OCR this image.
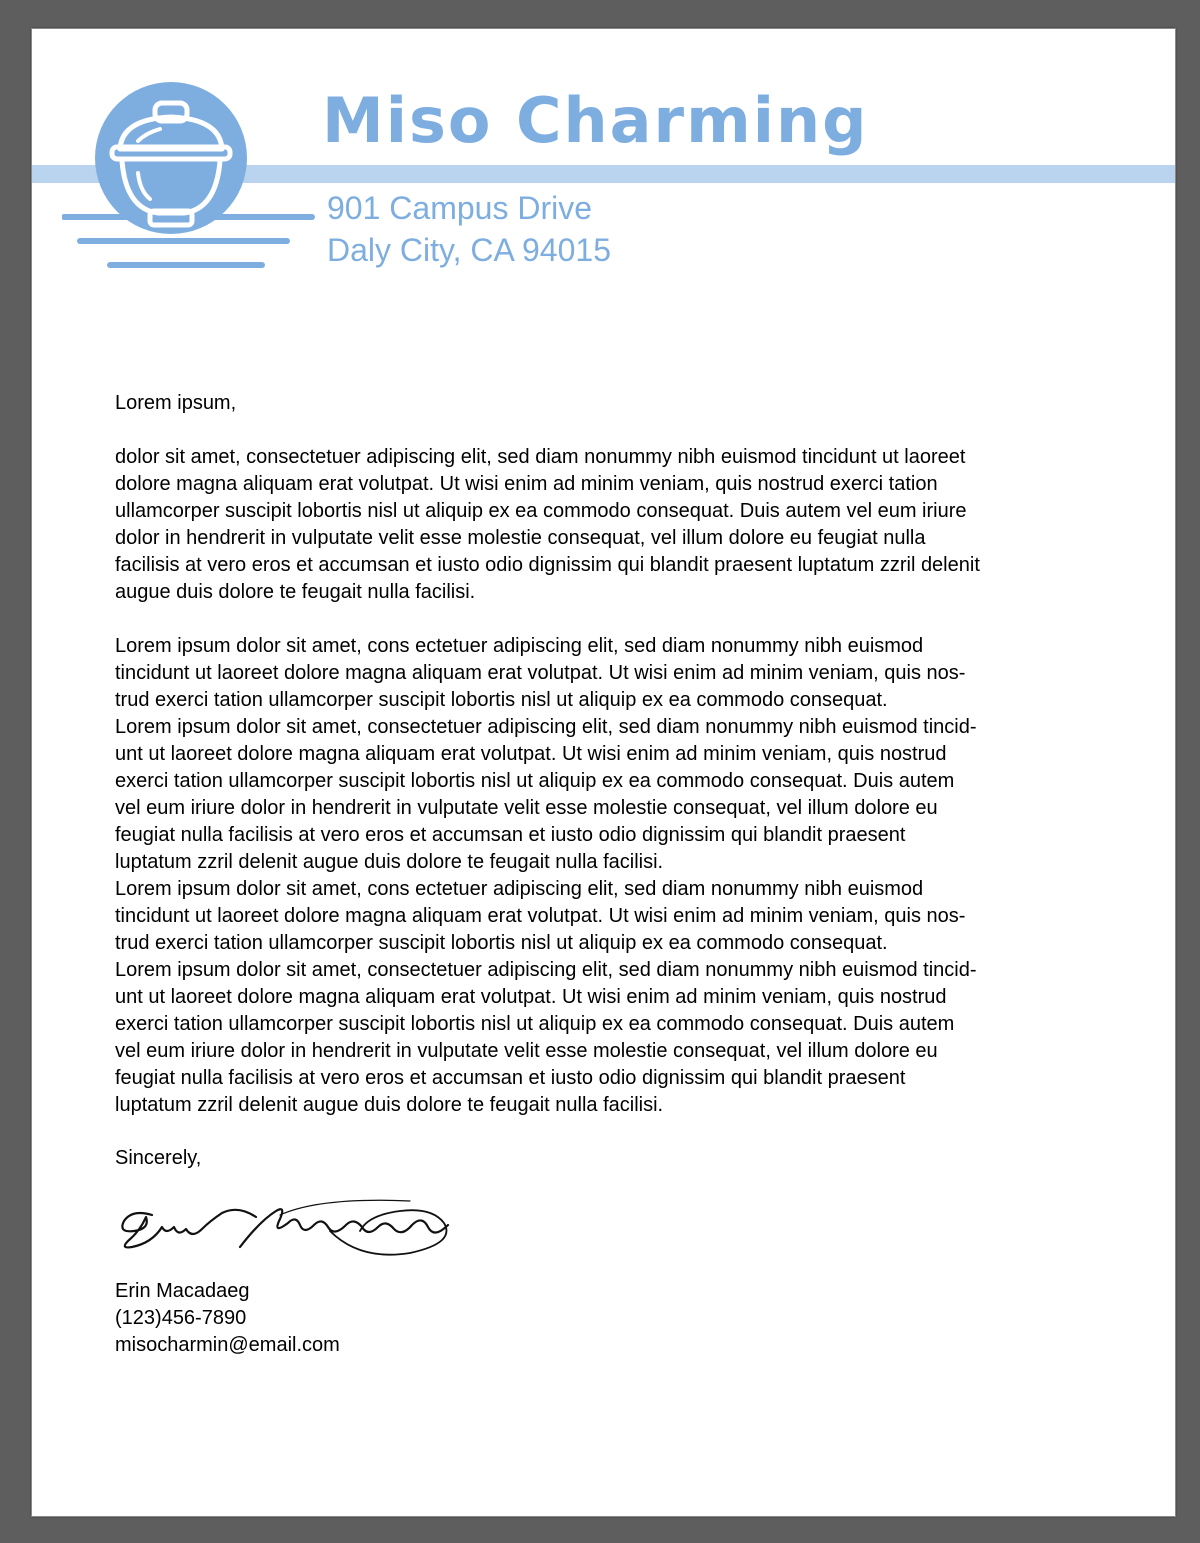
Miso Charming
901 Campus Drive
Daly City, CA 94015

Lorem ipsum,

dolor sit amet, consectetuer adipiscing elit, sed diam nonummy nibh euismod tincidunt ut laoreet
dolore magna aliquam erat volutpat. Ut wisi enim ad minim veniam, quis nostrud exerci tation
ullamcorper suscipit lobortis nisl ut aliquip ex ea commodo consequat. Duis autem vel eum iriure
dolor in hendrerit in vulputate velit esse molestie consequat, vel illum dolore eu feugiat nulla
facilisis at vero eros et accumsan et iusto odio dignissim qui blandit praesent luptatum zzril delenit
augue duis dolore te feugait nulla facilisi.

Lorem ipsum dolor sit amet, cons ectetuer adipiscing elit, sed diam nonummy nibh euismod
tincidunt ut laoreet dolore magna aliquam erat volutpat. Ut wisi enim ad minim veniam, quis nos-
trud exerci tation ullamcorper suscipit lobortis nisl ut aliquip ex ea commodo consequat.
Lorem ipsum dolor sit amet, consectetuer adipiscing elit, sed diam nonummy nibh euismod tincid-
unt ut laoreet dolore magna aliquam erat volutpat. Ut wisi enim ad minim veniam, quis nostrud
exerci tation ullamcorper suscipit lobortis nisl ut aliquip ex ea commodo consequat. Duis autem
vel eum iriure dolor in hendrerit in vulputate velit esse molestie consequat, vel illum dolore eu
feugiat nulla facilisis at vero eros et accumsan et iusto odio dignissim qui blandit praesent
luptatum zzril delenit augue duis dolore te feugait nulla facilisi.
Lorem ipsum dolor sit amet, cons ectetuer adipiscing elit, sed diam nonummy nibh euismod
tincidunt ut laoreet dolore magna aliquam erat volutpat. Ut wisi enim ad minim veniam, quis nos-
trud exerci tation ullamcorper suscipit lobortis nisl ut aliquip ex ea commodo consequat.
Lorem ipsum dolor sit amet, consectetuer adipiscing elit, sed diam nonummy nibh euismod tincid-
unt ut laoreet dolore magna aliquam erat volutpat. Ut wisi enim ad minim veniam, quis nostrud
exerci tation ullamcorper suscipit lobortis nisl ut aliquip ex ea commodo consequat. Duis autem
vel eum iriure dolor in hendrerit in vulputate velit esse molestie consequat, vel illum dolore eu
feugiat nulla facilisis at vero eros et accumsan et iusto odio dignissim qui blandit praesent
luptatum zzril delenit augue duis dolore te feugait nulla facilisi.

Sincerely,

Erin Macadaeg
(123)456-7890
misocharmin@email.com
